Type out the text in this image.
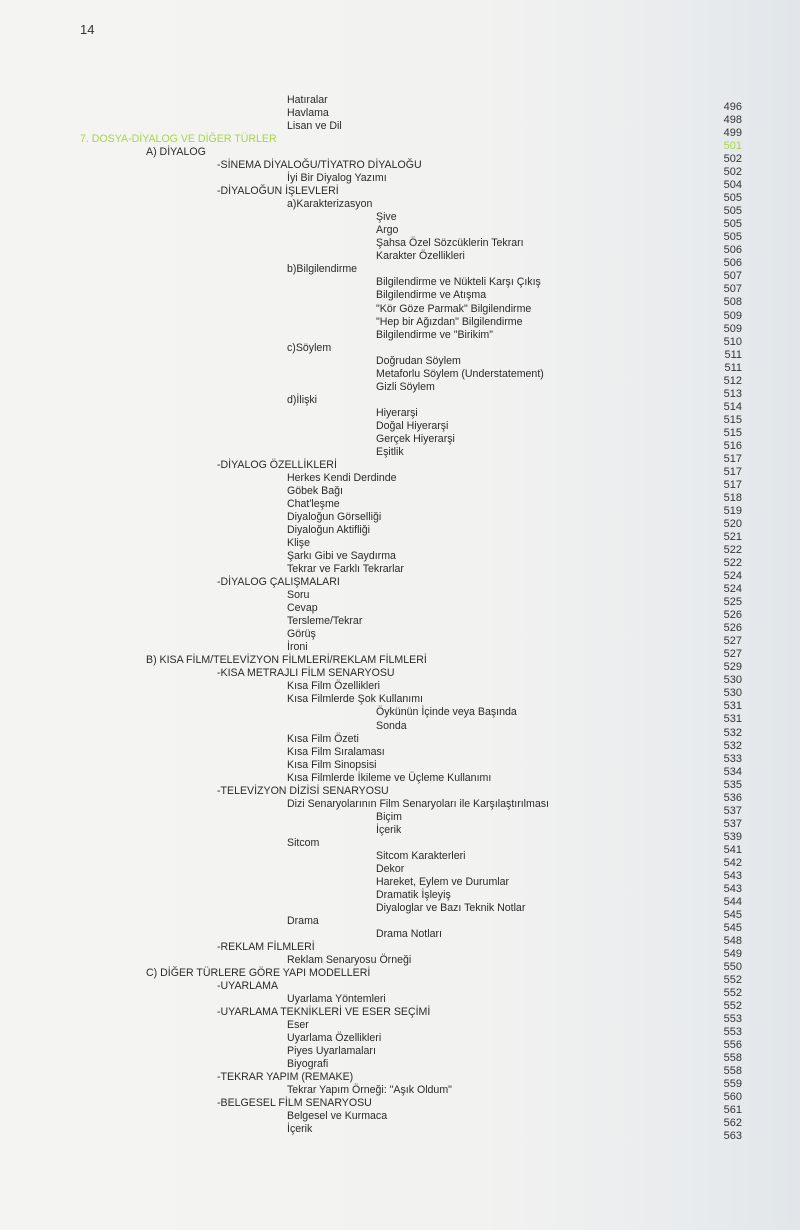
14
Hatıralar
496
Havlama
498
Lisan ve Dil
499
7. DOSYA-DİYALOG VE DİĞER TÜRLER
501
A) DİYALOG
502
-SİNEMA DİYALOĞU/TİYATRO DİYALOĞU
502
İyi Bir Diyalog Yazımı
504
-DİYALOĞUN İŞLEVLERİ
505
a)Karakterizasyon
505
Şive
505
Argo
505
Şahsa Özel Sözcüklerin Tekrarı
506
Karakter Özellikleri
506
b)Bilgilendirme
507
Bilgilendirme ve Nükteli Karşı Çıkış
507
Bilgilendirme ve Atışma
508
"Kör Göze Parmak" Bilgilendirme
509
"Hep bir Ağızdan" Bilgilendirme
509
Bilgilendirme ve "Birikim"
510
c)Söylem
511
Doğrudan Söylem
511
Metaforlu Söylem (Understatement)
512
Gizli Söylem
513
d)İlişki
514
Hiyerarşi
515
Doğal Hiyerarşi
515
Gerçek Hiyerarşi
516
Eşitlik
517
-DİYALOG ÖZELLİKLERİ
517
Herkes Kendi Derdinde
517
Göbek Bağı
518
Chat'leşme
519
Diyaloğun Görselliği
520
Diyaloğun Aktifliği
521
Klişe
522
Şarkı Gibi ve Saydırma
522
Tekrar ve Farklı Tekrarlar
524
-DİYALOG ÇALIŞMALARI
524
Soru
525
Cevap
526
Tersleme/Tekrar
526
Görüş
527
İroni
527
B) KISA FİLM/TELEVİZYON FİLMLERİ/REKLAM FİLMLERİ
529
-KISA METRAJLI FİLM SENARYOSU
530
Kısa Film Özellikleri
530
Kısa Filmlerde Şok Kullanımı
531
Öykünün İçinde veya Başında
531
Sonda
532
Kısa Film Özeti
532
Kısa Film Sıralaması
533
Kısa Film Sinopsisi
534
Kısa Filmlerde İkileme ve Üçleme Kullanımı
535
-TELEVİZYON DİZİSİ SENARYOSU
536
Dizi Senaryolarının Film Senaryoları ile Karşılaştırılması
537
Biçim
537
İçerik
539
Sitcom
541
Sitcom Karakterleri
542
Dekor
543
Hareket, Eylem ve Durumlar
543
Dramatik İşleyiş
544
Diyaloglar ve Bazı Teknik Notlar
545
Drama
545
Drama Notları
548
-REKLAM FİLMLERİ
549
Reklam Senaryosu Örneği
550
C) DİĞER TÜRLERE GÖRE YAPI MODELLERİ
552
-UYARLAMA
552
Uyarlama Yöntemleri
552
-UYARLAMA TEKNİKLERİ VE ESER SEÇİMİ
553
Eser
553
Uyarlama Özellikleri
556
Piyes Uyarlamaları
558
Biyografi
558
-TEKRAR YAPIM (REMAKE)
559
Tekrar Yapım Örneği: "Aşık Oldum"
560
-BELGESEL FİLM SENARYOSU
561
Belgesel ve Kurmaca
562
İçerik
563
